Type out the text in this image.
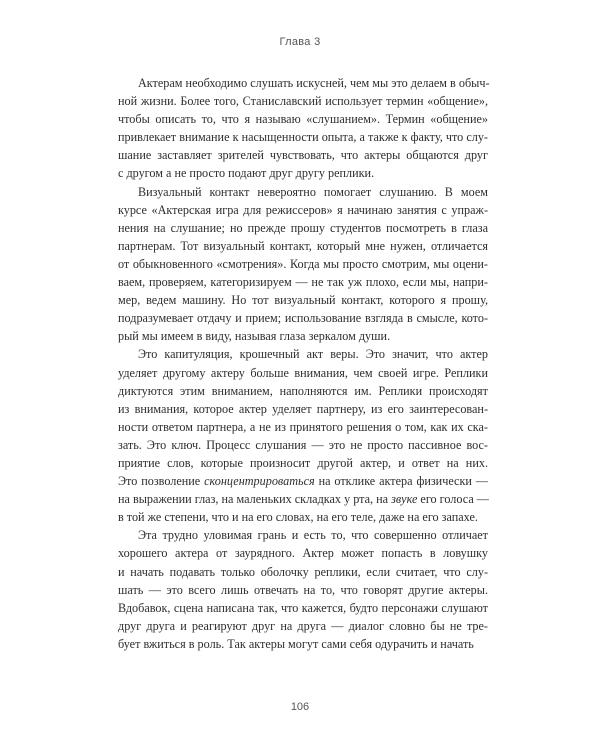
Глава 3
Актерам необходимо слушать искусней, чем мы это делаем в обыч-
ной жизни. Более того, Станиславский использует термин «общение»,
чтобы описать то, что я называю «слушанием». Термин «общение»
привлекает внимание к насыщенности опыта, а также к факту, что слу-
шание заставляет зрителей чувствовать, что актеры общаются друг
с другом а не просто подают друг другу реплики.
Визуальный контакт невероятно помогает слушанию. В моем
курсе «Актерская игра для режиссеров» я начинаю занятия с упраж-
нения на слушание; но прежде прошу студентов посмотреть в глаза
партнерам. Тот визуальный контакт, который мне нужен, отличается
от обыкновенного «смотрения». Когда мы просто смотрим, мы оцени-
ваем, проверяем, категоризируем — не так уж плохо, если мы, напри-
мер, ведем машину. Но тот визуальный контакт, которого я прошу,
подразумевает отдачу и прием; использование взгляда в смысле, кото-
рый мы имеем в виду, называя глаза зеркалом души.
Это капитуляция, крошечный акт веры. Это значит, что актер
уделяет другому актеру больше внимания, чем своей игре. Реплики
диктуются этим вниманием, наполняются им. Реплики происходят
из внимания, которое актер уделяет партнеру, из его заинтересован-
ности ответом партнера, а не из принятого решения о том, как их ска-
зать. Это ключ. Процесс слушания — это не просто пассивное вос-
приятие слов, которые произносит другой актер, и ответ на них.
Это позволение сконцентрироваться на отклике актера физически —
на выражении глаз, на маленьких складках у рта, на звуке его голоса —
в той же степени, что и на его словах, на его теле, даже на его запахе.
Эта трудно уловимая грань и есть то, что совершенно отличает
хорошего актера от заурядного. Актер может попасть в ловушку
и начать подавать только оболочку реплики, если считает, что слу-
шать — это всего лишь отвечать на то, что говорят другие актеры.
Вдобавок, сцена написана так, что кажется, будто персонажи слушают
друг друга и реагируют друг на друга — диалог словно бы не тре-
бует вжиться в роль. Так актеры могут сами себя одурачить и начать
106
